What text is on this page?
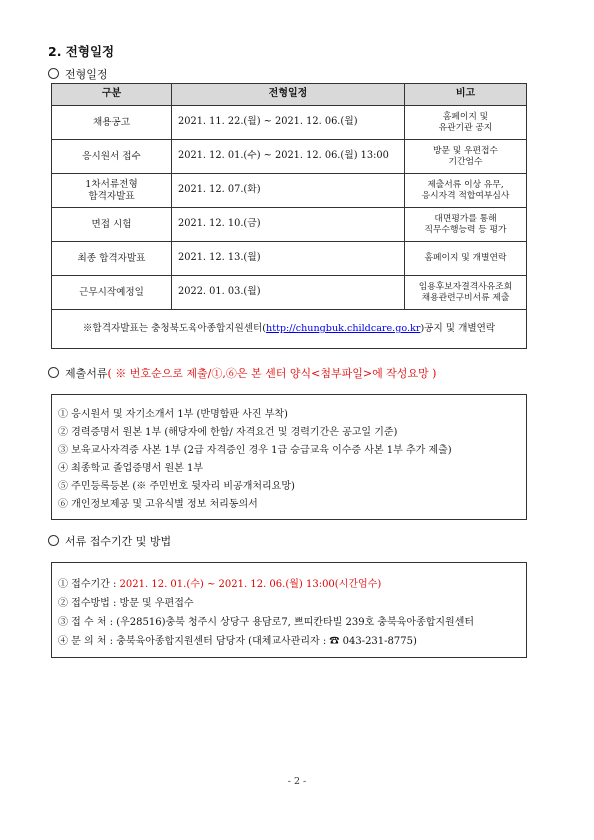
2. 전형일정
전형일정
구분	전형일정	비고
채용공고	2021. 11. 22.(월) ~ 2021. 12. 06.(월)	홈페이지 및
유관기관 공지
응시원서 접수	2021. 12. 01.(수) ~ 2021. 12. 06.(월) 13:00	방문 및 우편접수
기간엄수
1차서류전형
합격자발표	2021. 12. 07.(화)	제출서류 이상 유무,
응시자격 적합여부심사
면접 시험	2021. 12. 10.(금)	대면평가를 통해
직무수행능력 등 평가
최종 합격자발표	2021. 12. 13.(월)	홈페이지 및 개별연락
근무시작예정일	2022. 01. 03.(월)	임용후보자결격사유조회
채용관련구비서류 제출
※합격자발표는 충청북도육아종합지원센터(http://chungbuk.childcare.go.kr)공지 및 개별연락		
제출서류( ※ 번호순으로 제출/①,⑥은 본 센터 양식<첨부파일>에 작성요망 )
① 응시원서 및 자기소개서 1부 (반명함판 사진 부착)
② 경력증명서 원본 1부 (해당자에 한함/ 자격요건 및 경력기간은 공고일 기준)
③ 보육교사자격증 사본 1부 (2급 자격증인 경우 1급 승급교육 이수증 사본 1부 추가 제출)
④ 최종학교 졸업증명서 원본 1부
⑤ 주민등록등본 (※ 주민번호 뒷자리 비공개처리요망)
⑥ 개인정보제공 및 고유식별 정보 처리동의서
서류 접수기간 및 방법
① 접수기간 : 2021. 12. 01.(수) ~ 2021. 12. 06.(월) 13:00(시간엄수)
② 접수방법 : 방문 및 우편접수
③ 접 수 처 : (우28516)충북 청주시 상당구 용담로7, 쁘띠칸타빌 239호 충북육아종합지원센터
④ 문 의 처 : 충북육아종합지원센터 담당자 (대체교사관리자 : ☎ 043-231-8775)
- 2 -
